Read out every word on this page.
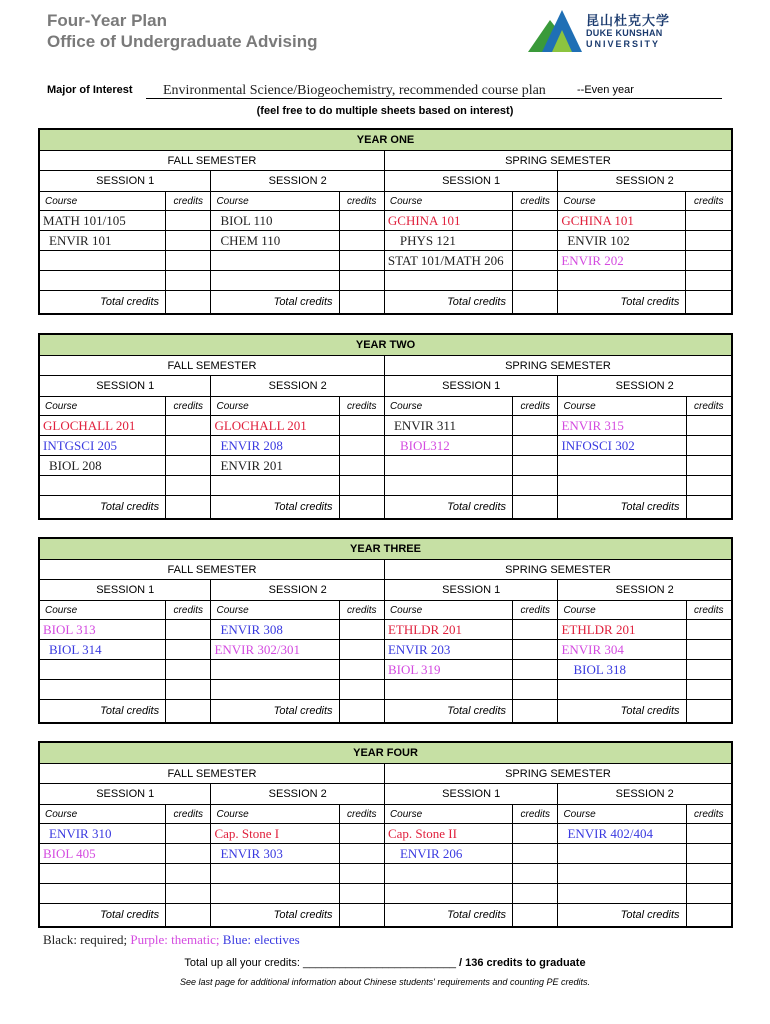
Four-Year Plan
Office of Undergraduate Advising
昆山杜克大学
DUKE KUNSHAN
UNIVERSITY
Major of Interest Environmental Science/Biogeochemistry, recommended course plan	--Even year
(feel free to do multiple sheets based on interest)
YEAR ONE							
FALL SEMESTER				SPRING SEMESTER			
SESSION 1		SESSION 2		SESSION 1		SESSION 2	
Course	credits	Course	credits	Course	credits	Course	credits
MATH 101/105		BIOL 110		GCHINA 101		GCHINA 101	
ENVIR 101		CHEM 110		PHYS 121		ENVIR 102	
				STAT 101/MATH 206		ENVIR 202	

Total credits		Total credits		Total credits		Total credits	
YEAR TWO							
FALL SEMESTER				SPRING SEMESTER			
SESSION 1		SESSION 2		SESSION 1		SESSION 2	
Course	credits	Course	credits	Course	credits	Course	credits
GLOCHALL 201		GLOCHALL 201		ENVIR 311		ENVIR 315	
INTGSCI 205		ENVIR 208		BIOL312		INFOSCI 302	
BIOL 208		ENVIR 201					

Total credits		Total credits		Total credits		Total credits	
YEAR THREE							
FALL SEMESTER				SPRING SEMESTER			
SESSION 1		SESSION 2		SESSION 1		SESSION 2	
Course	credits	Course	credits	Course	credits	Course	credits
BIOL 313		ENVIR 308		ETHLDR 201		ETHLDR 201	
BIOL 314		ENVIR 302/301		ENVIR 203		ENVIR 304	
				BIOL 319		BIOL 318	

Total credits		Total credits		Total credits		Total credits	
YEAR FOUR							
FALL SEMESTER				SPRING SEMESTER			
SESSION 1		SESSION 2		SESSION 1		SESSION 2	
Course	credits	Course	credits	Course	credits	Course	credits
ENVIR 310		Cap. Stone I		Cap. Stone II		ENVIR 402/404	
BIOL 405		ENVIR 303		ENVIR 206			

Total credits		Total credits		Total credits		Total credits	
Black: required; Purple: thematic; Blue: electives
Total up all your credits: _________________________ / 136 credits to graduate
See last page for additional information about Chinese students' requirements and counting PE credits.
